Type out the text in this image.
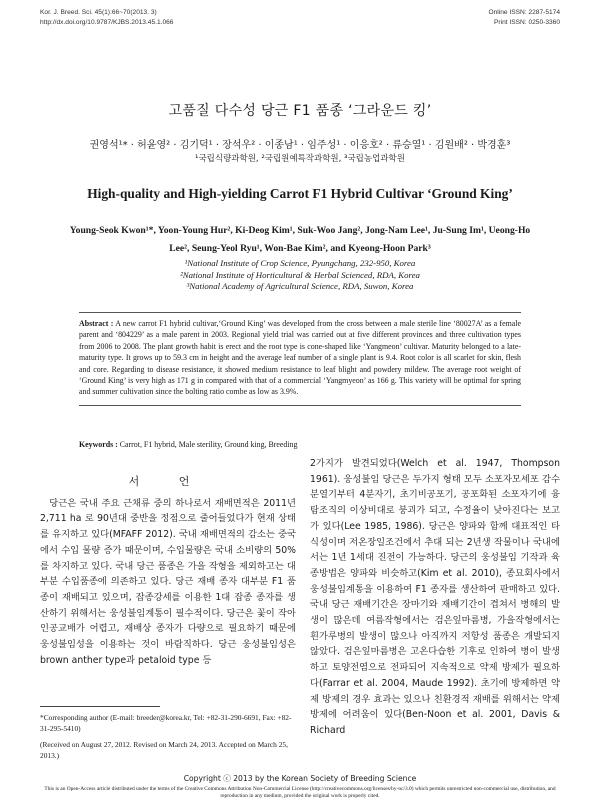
Kor. J. Breed. Sci. 45(1):66~70(2013. 3)
http://dx.doi.org/10.9787/KJBS.2013.45.1.066
Online ISSN: 2287-5174
Print ISSN: 0250-3360
고품질 다수성 당근 F1 품종 ‘그라운드 킹’
권영석¹* · 허윤영² · 김기덕¹ · 장석우² · 이종남¹ · 임주성¹ · 이응호² · 류승열¹ · 김원배² · 박경훈³
¹국립식량과학원, ²국립원예특작과학원, ³국립농업과학원
High-quality and High-yielding Carrot F1 Hybrid Cultivar ‘Ground King’
Young-Seok Kwon¹*, Yoon-Young Hur², Ki-Deog Kim¹, Suk-Woo Jang², Jong-Nam Lee¹, Ju-Sung Im¹, Ueong-Ho Lee², Seung-Yeol Ryu¹, Won-Bae Kim², and Kyeong-Hoon Park³
¹National Institute of Crop Science, Pyungchang, 232-950, Korea
²National Institute of Horticultural & Herbal Scienced, RDA, Korea
³National Academy of Agricultural Science, RDA, Suwon, Korea
Abstract : A new carrot F1 hybrid cultivar,‘Ground King’ was developed from the cross between a male sterile line ‘80027A’ as a female parent and ‘804229’ as a male parent in 2003. Regional yield trial was carried out at five different provinces and three cultivation types from 2006 to 2008. The plant growth habit is erect and the root type is cone-shaped like ‘Yangmeon’ cultivar. Maturity belonged to a late-maturity type. It grows up to 59.3 cm in height and the average leaf number of a single plant is 9.4. Root color is all scarlet for skin, flesh and core. Regarding to disease resistance, it showed medium resistance to leaf blight and powdery mildew. The average root weight of ‘Ground King’ is very high as 171 g in compared with that of a commercial ‘Yangmyeon’ as 166 g. This variety will be optimal for spring and summer cultivation since the bolting ratio combe as low as 3.9%.
Keywords : Carrot, F1 hybrid, Male sterility, Ground king, Breeding
서 언

당근은 국내 주요 근채류 중의 하나로서 재배면적은 2011년 2,711 ha 로 90년대 중반을 정점으로 줄어들었다가 현재 상태를 유지하고 있다(MFAFF 2012). 국내 재배면적의 감소는 중국에서 수입 물량 증가 때문이며, 수입물량은 국내 소비량의 50%를 차지하고 있다. 국내 당근 품종은 가을 작형을 제외하고는 대부분 수입품종에 의존하고 있다. 당근 재배 종자 대부분 F1 품종이 재배되고 있으며, 잡종강세를 이용한 1대 잡종 종자를 생산하기 위해서는 웅성불임계통이 필수적이다. 당근은 꽃이 작아 인공교배가 어렵고, 재배상 종자가 다량으로 필요하기 때문에 웅성불임성을 이용하는 것이 바람직하다. 당근 웅성불임성은 brown anther type과 petaloid type 등

2가지가 발견되었다(Welch et al. 1947, Thompson 1961). 웅성불임 당근은 두가지 형태 모두 소포자모세포 감수분열기부터 4분자기, 초기비공포기, 공포화된 소포자기에 융탐조직의 이상비대로 붕괴가 되고, 수정율이 낮아진다는 보고가 있다(Lee 1985, 1986). 당근은 양파와 함께 대표적인 타식성이며 저온장일조건에서 추대 되는 2년생 작물이나 국내에서는 1년 1세대 진전이 가능하다. 당근의 웅성불임 기작과 육종방법은 양파와 비슷하고(Kim et al. 2010), 종묘회사에서 웅성불임계통을 이용하여 F1 종자를 생산하여 판매하고 있다. 국내 당근 재배기간은 장마기와 재배기간이 겹쳐서 병해의 발생이 많은데 여름작형에서는 검은잎마름병, 가을작형에서는 흰가루병의 발생이 많으나 아직까지 저항성 품종은 개발되지 않았다. 검은잎마름병은 고온다습한 기후로 인하여 병이 발생하고 토양전염으로 전파되어 지속적으로 약제 방제가 필요하다(Farrar et al. 2004, Maude 1992). 초기에 방제하면 약제 방제의 경우 효과는 있으나 친환경적 재배를 위해서는 약제 방제에 어려움이 있다(Ben-Noon et al. 2001, Davis & Richard

*Corresponding author (E-mail: breeder@korea.kr, Tel: +82-31-290-6691, Fax: +82-31-295-5410)
(Received on August 27, 2012. Revised on March 24, 2013. Accepted on March 25, 2013.)
Copyright ⓒ 2013 by the Korean Society of Breeding Science
This is an Open-Access article distributed under the terms of the Creative Commons Attribution Non-Commercial License (http://creativecommons.org/licenses/by-nc/3.0) which permits unrestricted non-commercial use, distribution, and reproduction in any medium, provided the original work is properly cited.
